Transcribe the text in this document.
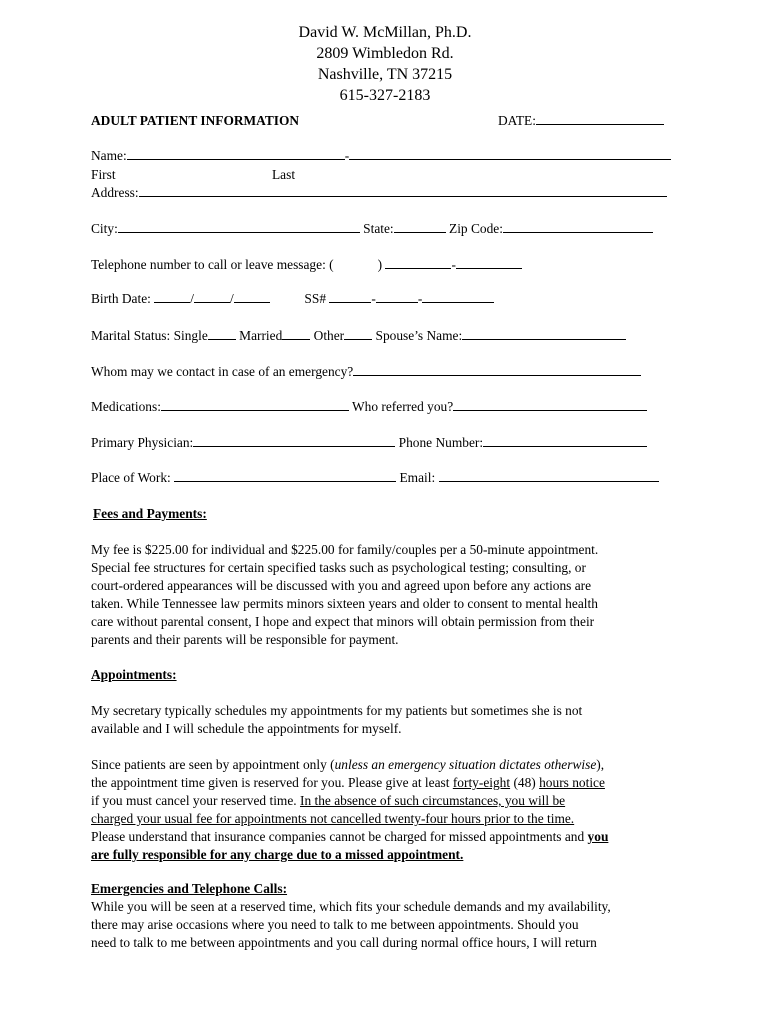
David W. McMillan, Ph.D.
2809 Wimbledon Rd.
Nashville, TN 37215
615-327-2183
ADULT PATIENT INFORMATION	DATE:
Name:	-
First	Last
Address:
City:	State:	Zip Code:
Telephone number to call or leave message: (	)	-
Birth Date:	/	/	SS#	-	-
Marital Status: Single Married Other Spouse’s Name:
Whom may we contact in case of an emergency?
Medications:	Who referred you?
Primary Physician:	Phone Number:
Place of Work:	Email:
Fees and Payments:
My fee is $225.00 for individual and $225.00 for family/couples per a 50-minute appointment.
Special fee structures for certain specified tasks such as psychological testing; consulting, or
court-ordered appearances will be discussed with you and agreed upon before any actions are
taken. While Tennessee law permits minors sixteen years and older to consent to mental health
care without parental consent, I hope and expect that minors will obtain permission from their
parents and their parents will be responsible for payment.
Appointments:
My secretary typically schedules my appointments for my patients but sometimes she is not
available and I will schedule the appointments for myself.
Since patients are seen by appointment only (unless an emergency situation dictates otherwise),
the appointment time given is reserved for you. Please give at least forty-eight (48) hours notice
if you must cancel your reserved time. In the absence of such circumstances, you will be
charged your usual fee for appointments not cancelled twenty-four hours prior to the time.
Please understand that insurance companies cannot be charged for missed appointments and you
are fully responsible for any charge due to a missed appointment.
Emergencies and Telephone Calls:
While you will be seen at a reserved time, which fits your schedule demands and my availability,
there may arise occasions where you need to talk to me between appointments. Should you
need to talk to me between appointments and you call during normal office hours, I will return
